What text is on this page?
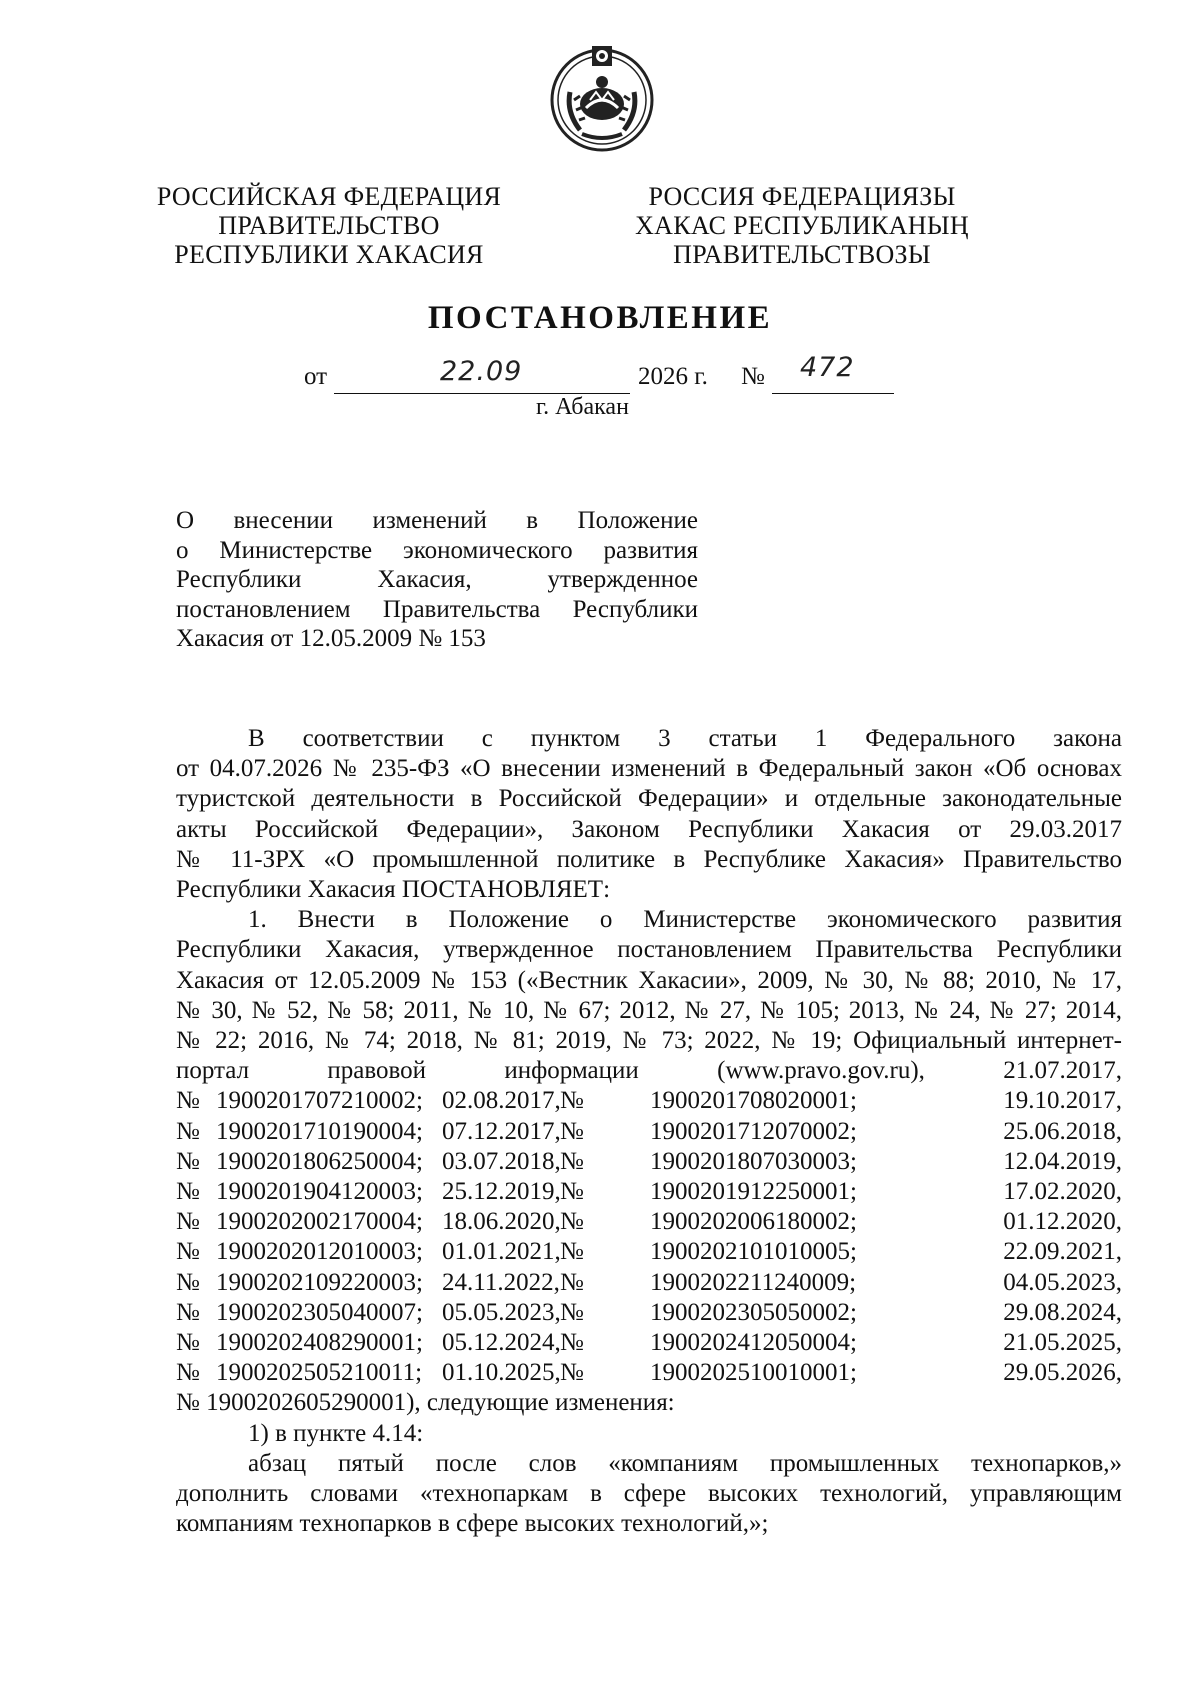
РОССИЙСКАЯ ФЕДЕРАЦИЯ
ПРАВИТЕЛЬСТВО
РЕСПУБЛИКИ ХАКАСИЯ
РОССИЯ ФЕДЕРАЦИЯЗЫ
ХАКАС РЕСПУБЛИКАНЫҢ
ПРАВИТЕЛЬСТВОЗЫ
ПОСТАНОВЛЕНИЕ
от	22.09	2026 г. № 472
г. Абакан
О внесении изменений в Положение
о Министерстве экономического развития
Республики Хакасия, утвержденное
постановлением Правительства Республики
Хакасия от 12.05.2009 № 153
В соответствии с пунктом 3 статьи 1 Федерального закона
от 04.07.2026 № 235-ФЗ «О внесении изменений в Федеральный закон «Об основах
туристской деятельности в Российской Федерации» и отдельные законодательные
акты Российской Федерации», Законом Республики Хакасия от 29.03.2017
№ 11-ЗРХ «О промышленной политике в Республике Хакасия» Правительство
Республики Хакасия ПОСТАНОВЛЯЕТ:
1. Внести в Положение о Министерстве экономического развития
Республики Хакасия, утвержденное постановлением Правительства Республики
Хакасия от 12.05.2009 № 153 («Вестник Хакасии», 2009, № 30, № 88; 2010, № 17,
№ 30, № 52, № 58; 2011, № 10, № 67; 2012, № 27, № 105; 2013, № 24, № 27; 2014,
№ 22; 2016, № 74; 2018, № 81; 2019, № 73; 2022, № 19; Официальный интернет-
портал правовой информации (www.pravo.gov.ru), 21.07.2017,
№ 1900201707210002; 02.08.2017, №	1900201708020001;	19.10.2017,
№ 1900201710190004; 07.12.2017, №	1900201712070002;	25.06.2018,
№ 1900201806250004; 03.07.2018, №	1900201807030003;	12.04.2019,
№ 1900201904120003; 25.12.2019, №	1900201912250001;	17.02.2020,
№ 1900202002170004; 18.06.2020, №	1900202006180002;	01.12.2020,
№ 1900202012010003; 01.01.2021, №	1900202101010005;	22.09.2021,
№ 1900202109220003; 24.11.2022, №	1900202211240009;	04.05.2023,
№ 1900202305040007; 05.05.2023, №	1900202305050002;	29.08.2024,
№ 1900202408290001; 05.12.2024, №	1900202412050004;	21.05.2025,
№ 1900202505210011; 01.10.2025, №	1900202510010001;	29.05.2026,
№ 1900202605290001), следующие изменения:
1) в пункте 4.14:
абзац пятый после слов «компаниям промышленных технопарков,»
дополнить словами «технопаркам в сфере высоких технологий, управляющим
компаниям технопарков в сфере высоких технологий,»;
